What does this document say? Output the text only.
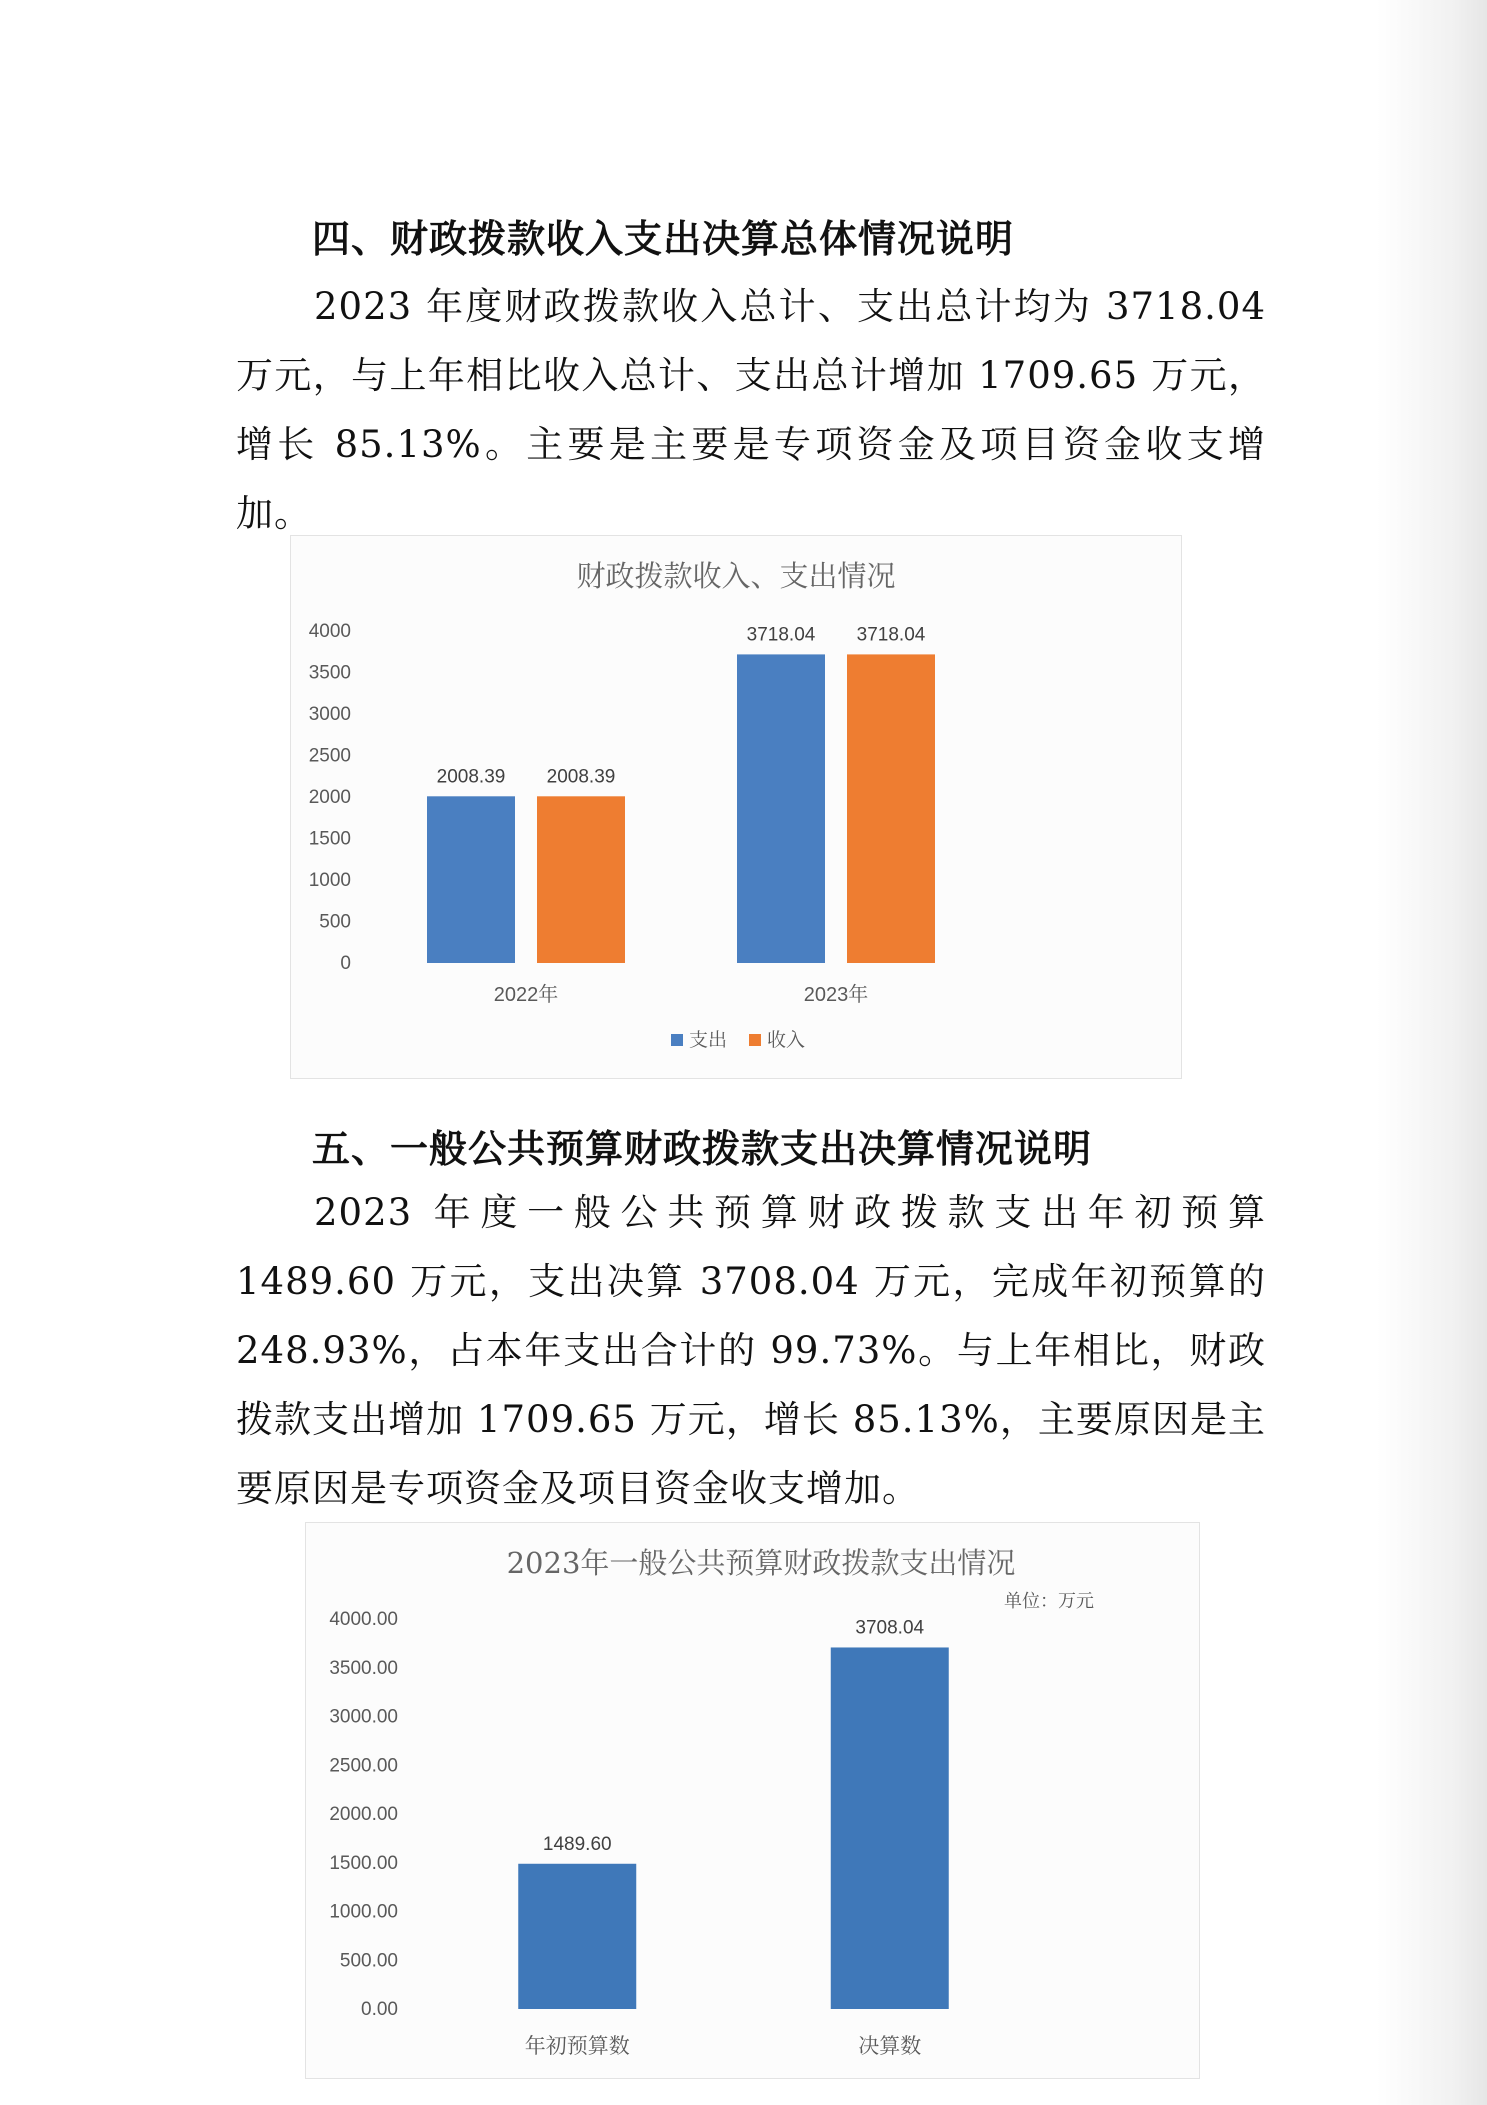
四、财政拨款收入支出决算总体情况说明
2023 年度财政拨款收入总计、支出总计均为 3718.04 万元，与上年相比收入总计、支出总计增加 1709.65 万元，增长 85.13%。主要是主要是专项资金及项目资金收支增加。
财政拨款收入、支出情况
0
500
1000
1500
2000
2500
3000
3500
4000
2008.39 2008.39
2022年
3718.04 3718.04
2023年
支出 收入
五、一般公共预算财政拨款支出决算情况说明
2023 年度一般公共预算财政拨款支出年初预算 1489.60 万元，支出决算 3708.04 万元，完成年初预算的 248.93%，占本年支出合计的 99.73%。与上年相比，财政拨款支出增加 1709.65 万元，增长 85.13%，主要原因是主要原因是专项资金及项目资金收支增加。
2023年一般公共预算财政拨款支出情况
单位：万元
0.00
500.00
1000.00
1500.00
2000.00
2500.00
3000.00
3500.00
4000.00
1489.60
年初预算数
3708.04
决算数
